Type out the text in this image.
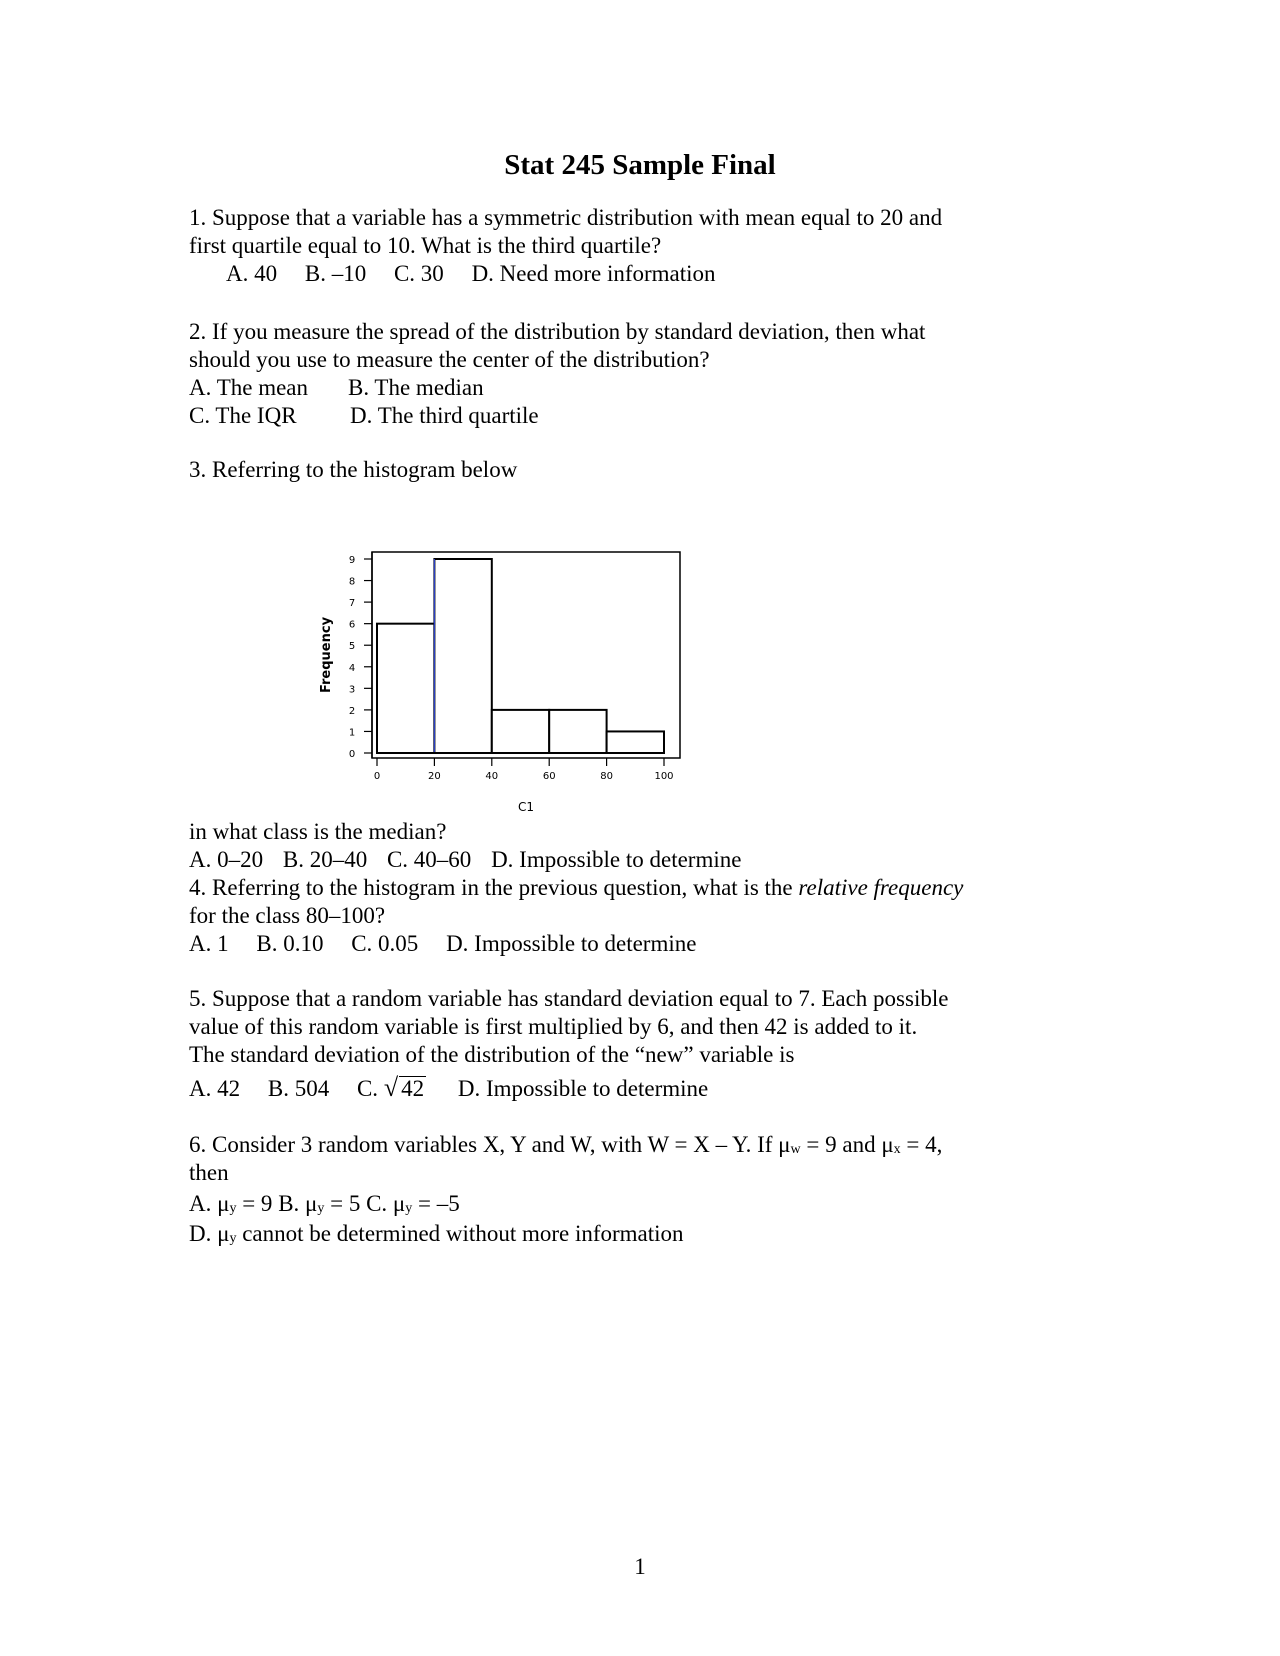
Stat 245 Sample Final
1. Suppose that a variable has a symmetric distribution with mean equal to 20 and
first quartile equal to 10. What is the third quartile?
A. 40 B. –10 C. 30 D. Need more information
2. If you measure the spread of the distribution by standard deviation, then what
should you use to measure the center of the distribution?
A. The mean B. The median
C. The IQR D. The third quartile
3. Referring to the histogram below
0
1
2
3
4
5
6
7
8
9
0	20	40	60	80	100
Frequency
C1
in what class is the median?
A. 0–20 B. 20–40 C. 40–60 D. Impossible to determine
4. Referring to the histogram in the previous question, what is the relative frequency
for the class 80–100?
A. 1 B. 0.10 C. 0.05 D. Impossible to determine
5. Suppose that a random variable has standard deviation equal to 7. Each possible
value of this random variable is first multiplied by 6, and then 42 is added to it.
The standard deviation of the distribution of the “new” variable is
A. 42 B. 504 C. √ 42 D. Impossible to determine
6. Consider 3 random variables X, Y and W, with W = X – Y. If μw = 9 and μx = 4,
then
A. μy = 9 B. μy = 5 C. μy = –5
D. μy cannot be determined without more information
1
